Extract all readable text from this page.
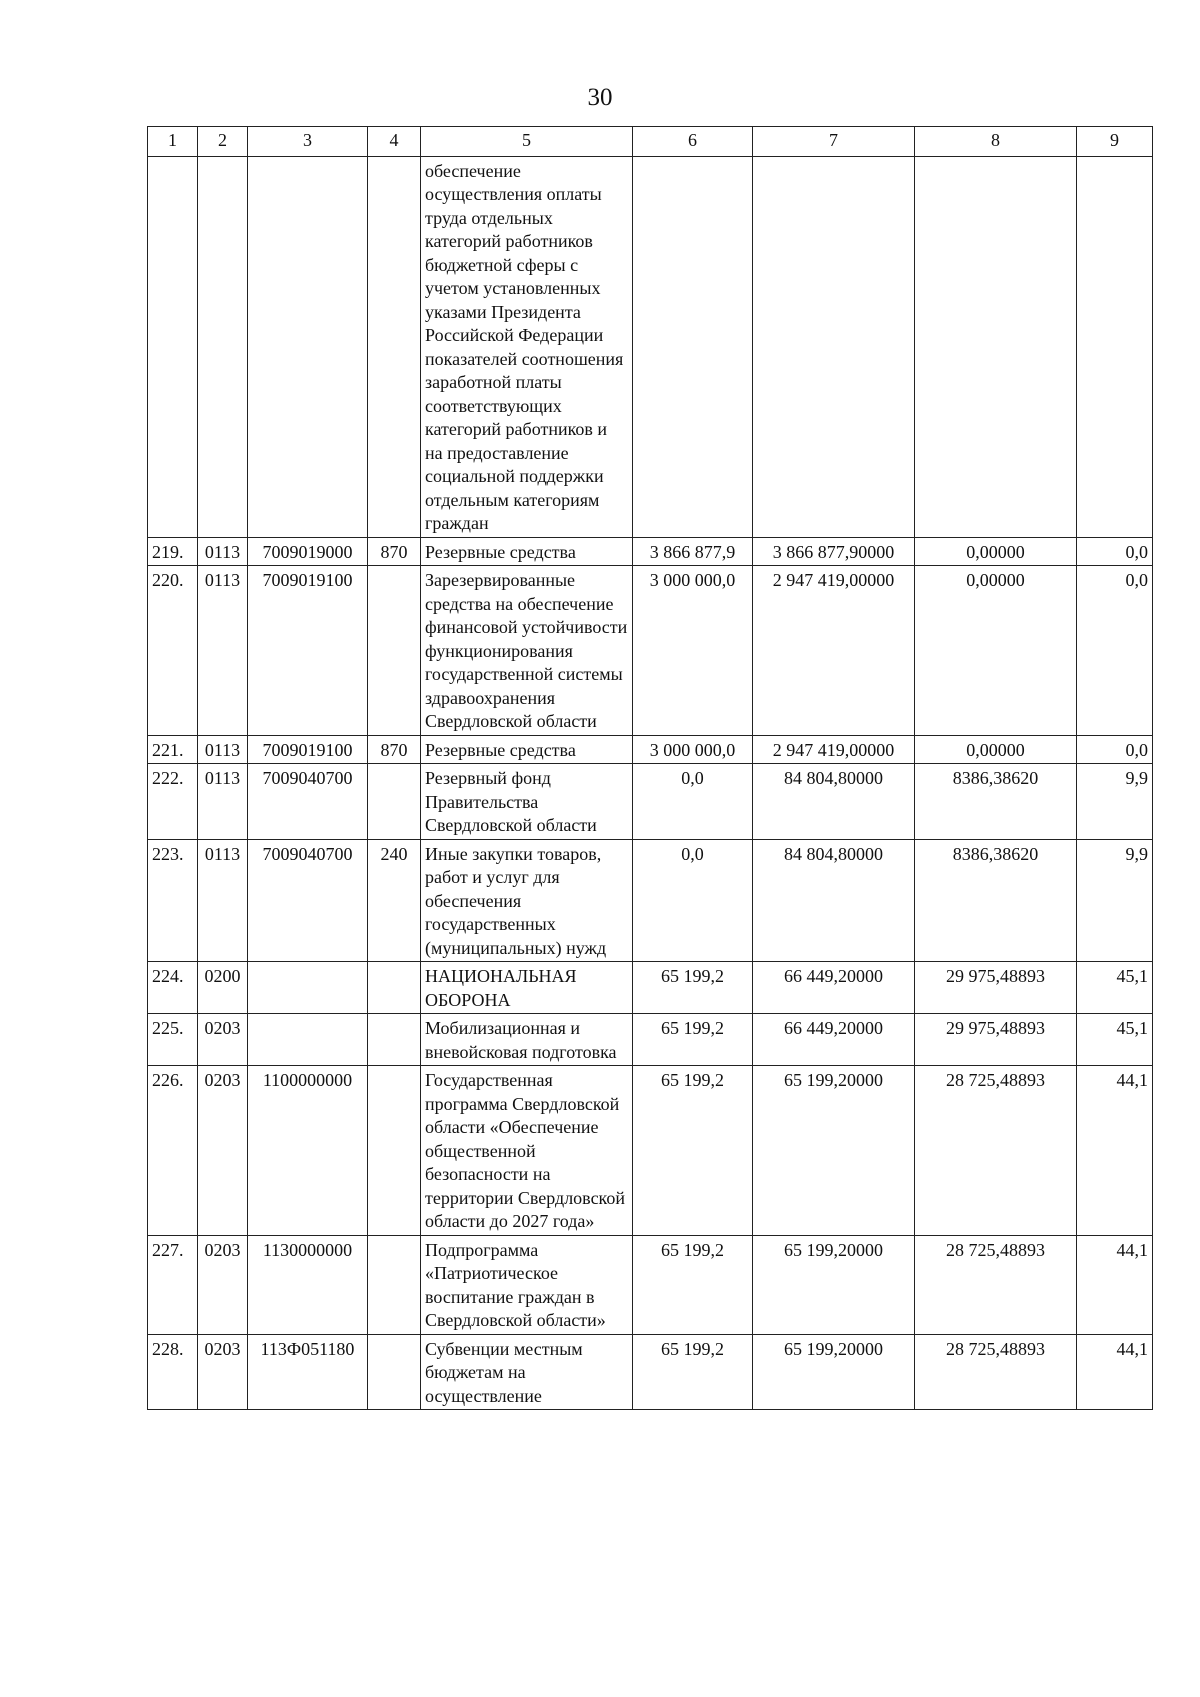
30
1	2	3	4	5	6	7	8	9
				обеспечение осуществления оплаты труда отдельных категорий работников бюджетной сферы с учетом установленных указами Президента Российской Федерации показателей соотношения заработной платы соответствующих категорий работников и на предоставление социальной поддержки отдельным категориям граждан				
219.	0113	7009019000	870	Резервные средства	3 866 877,9	3 866 877,90000	0,00000	0,0
220.	0113	7009019100		Зарезервированные средства на обеспечение финансовой устойчивости функционирования государственной системы здравоохранения Свердловской области	3 000 000,0	2 947 419,00000	0,00000	0,0
221.	0113	7009019100	870	Резервные средства	3 000 000,0	2 947 419,00000	0,00000	0,0
222.	0113	7009040700		Резервный фонд Правительства Свердловской области	0,0	84 804,80000	8386,38620	9,9
223.	0113	7009040700	240	Иные закупки товаров, работ и услуг для обеспечения государственных (муниципальных) нужд	0,0	84 804,80000	8386,38620	9,9
224.	0200			НАЦИОНАЛЬНАЯ ОБОРОНА	65 199,2	66 449,20000	29 975,48893	45,1
225.	0203			Мобилизационная и вневойсковая подготовка	65 199,2	66 449,20000	29 975,48893	45,1
226.	0203	1100000000		Государственная программа Свердловской области «Обеспечение общественной безопасности на территории Свердловской области до 2027 года»	65 199,2	65 199,20000	28 725,48893	44,1
227.	0203	1130000000		Подпрограмма «Патриотическое воспитание граждан в Свердловской области»	65 199,2	65 199,20000	28 725,48893	44,1
228.	0203	113Ф051180		Субвенции местным бюджетам на осуществление	65 199,2	65 199,20000	28 725,48893	44,1
